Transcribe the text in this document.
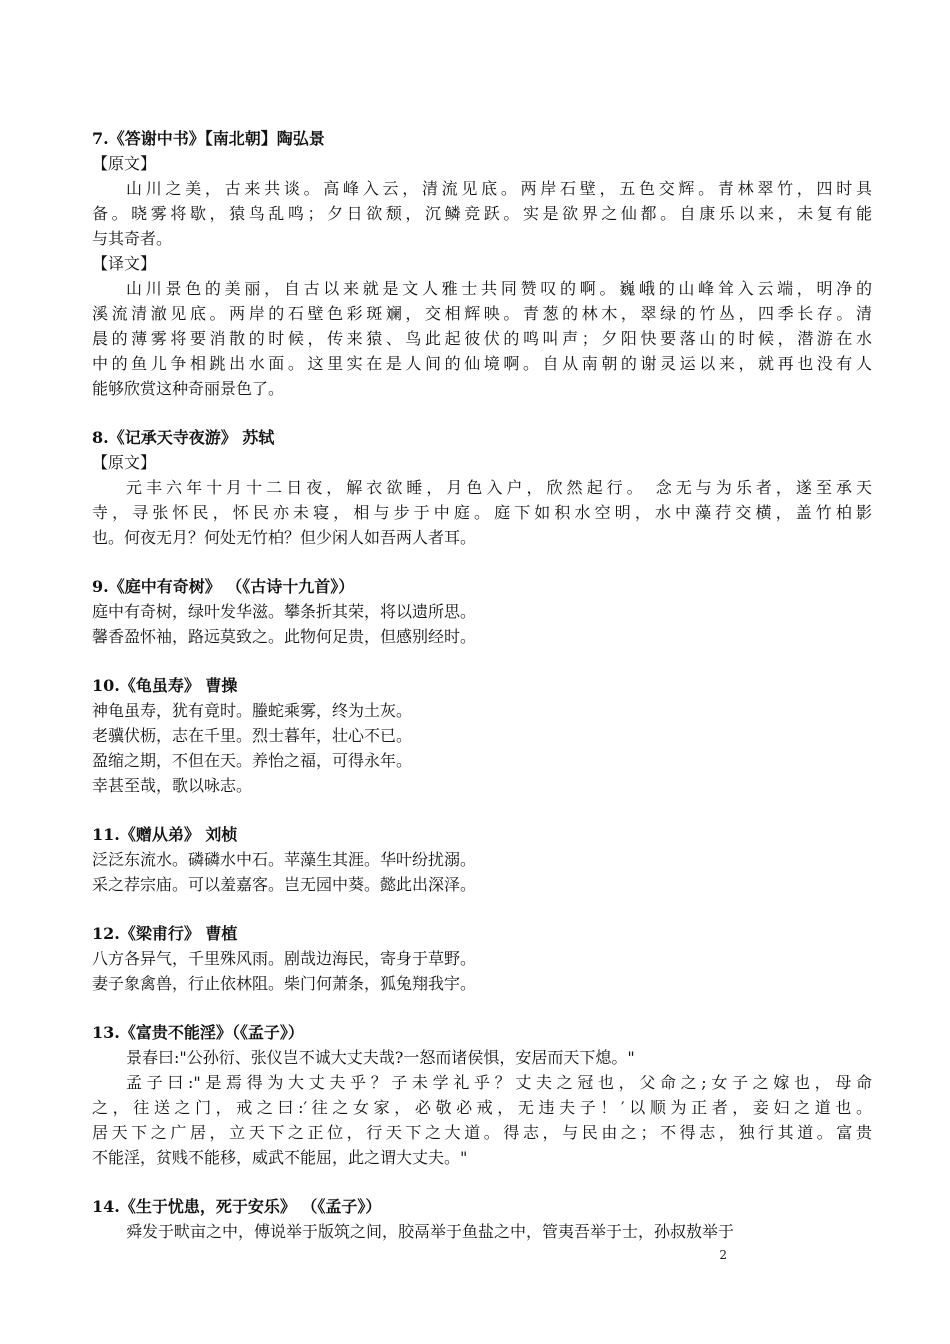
7.《答谢中书》【南北朝】陶弘景
【原文】
山川之美，古来共谈。高峰入云，清流见底。两岸石壁，五色交辉。青林翠竹，四时具
备。晓雾将歇，猿鸟乱鸣；夕日欲颓，沉鳞竞跃。实是欲界之仙都。自康乐以来，未复有能
与其奇者。
【译文】
山川景色的美丽，自古以来就是文人雅士共同赞叹的啊。巍峨的山峰耸入云端，明净的
溪流清澈见底。两岸的石壁色彩斑斓，交相辉映。青葱的林木，翠绿的竹丛，四季长存。清
晨的薄雾将要消散的时候，传来猿、鸟此起彼伏的鸣叫声；夕阳快要落山的时候，潜游在水
中的鱼儿争相跳出水面。这里实在是人间的仙境啊。自从南朝的谢灵运以来，就再也没有人
能够欣赏这种奇丽景色了。
8.《记承天寺夜游》 苏轼
【原文】
元丰六年十月十二日夜，解衣欲睡，月色入户，欣然起行。 念无与为乐者，遂至承天
寺，寻张怀民，怀民亦未寝，相与步于中庭。庭下如积水空明，水中藻荇交横，盖竹柏影
也。何夜无月？何处无竹柏？但少闲人如吾两人者耳。
9.《庭中有奇树》 （《古诗十九首》）
庭中有奇树，绿叶发华滋。攀条折其荣，将以遗所思。
馨香盈怀袖，路远莫致之。此物何足贵，但感别经时。
10.《龟虽寿》 曹操
神龟虽寿，犹有竟时。螣蛇乘雾，终为土灰。
老骥伏枥，志在千里。烈士暮年，壮心不已。
盈缩之期，不但在天。养怡之福，可得永年。
幸甚至哉，歌以咏志。
11.《赠从弟》 刘桢
泛泛东流水。磷磷水中石。苹藻生其涯。华叶纷扰溺。
采之荐宗庙。可以羞嘉客。岂无园中葵。懿此出深泽。
12.《梁甫行》 曹植
八方各异气，千里殊风雨。剧哉边海民，寄身于草野。
妻子象禽兽，行止依林阻。柴门何萧条，狐兔翔我宇。
13.《富贵不能淫》（《孟子》）
景春曰:"公孙衍、张仪岂不诚大丈夫哉?一怒而诸侯惧，安居而天下熄。"
孟子曰:"是焉得为大丈夫乎？子未学礼乎？丈夫之冠也，父命之;女子之嫁也，母命
之，往送之门，戒之曰:′往之女家，必敬必戒，无违夫子！′以顺为正者，妾妇之道也。
居天下之广居，立天下之正位，行天下之大道。得志，与民由之；不得志，独行其道。富贵
不能淫，贫贱不能移，威武不能屈，此之谓大丈夫。"
14.《生于忧患，死于安乐》 （《孟子》）
舜发于畎亩之中，傅说举于版筑之间，胶鬲举于鱼盐之中，管夷吾举于士，孙叔敖举于
2
